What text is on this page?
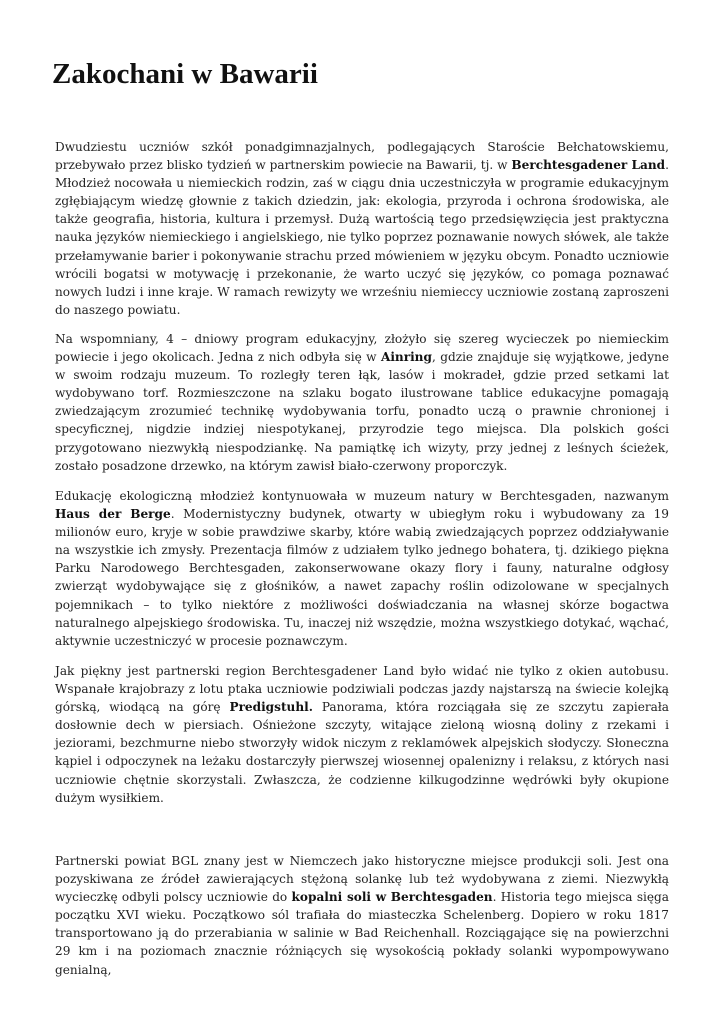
Zakochani w Bawarii

Dwudziestu uczniów szkół ponadgimnazjalnych, podlegających Staroście Bełchatowskiemu, przebywało przez blisko tydzień w partnerskim powiecie na Bawarii, tj. w Berchtesgadener Land. Młodzież nocowała u niemieckich rodzin, zaś w ciągu dnia uczestniczyła w programie edukacyjnym zgłębiającym wiedzę głownie z takich dziedzin, jak: ekologia, przyroda i ochrona środowiska, ale także geografia, historia, kultura i przemysł. Dużą wartością tego przedsięwzięcia jest praktyczna nauka języków niemieckiego i angielskiego, nie tylko poprzez poznawanie nowych słówek, ale także przełamywanie barier i pokonywanie strachu przed mówieniem w języku obcym. Ponadto uczniowie wrócili bogatsi w motywację i przekonanie, że warto uczyć się języków, co pomaga poznawać nowych ludzi i inne kraje. W ramach rewizyty we wrześniu niemieccy uczniowie zostaną zaproszeni do naszego powiatu.

Na wspomniany, 4 – dniowy program edukacyjny, złożyło się szereg wycieczek po niemieckim powiecie i jego okolicach. Jedna z nich odbyła się w Ainring, gdzie znajduje się wyjątkowe, jedyne w swoim rodzaju muzeum. To rozległy teren łąk, lasów i mokradeł, gdzie przed setkami lat wydobywano torf. Rozmieszczone na szlaku bogato ilustrowane tablice edukacyjne pomagają zwiedzającym zrozumieć technikę wydobywania torfu, ponadto uczą o prawnie chronionej i specyficznej, nigdzie indziej niespotykanej, przyrodzie tego miejsca. Dla polskich gości przygotowano niezwykłą niespodziankę. Na pamiątkę ich wizyty, przy jednej z leśnych ścieżek, zostało posadzone drzewko, na którym zawisł biało-czerwony proporczyk.

Edukację ekologiczną młodzież kontynuowała w muzeum natury w Berchtesgaden, nazwanym Haus der Berge. Modernistyczny budynek, otwarty w ubiegłym roku i wybudowany za 19 milionów euro, kryje w sobie prawdziwe skarby, które wabią zwiedzających poprzez oddziaływanie na wszystkie ich zmysły. Prezentacja filmów z udziałem tylko jednego bohatera, tj. dzikiego piękna Parku Narodowego Berchtesgaden, zakonserwowane okazy flory i fauny, naturalne odgłosy zwierząt wydobywające się z głośników, a nawet zapachy roślin odizolowane w specjalnych pojemnikach – to tylko niektóre z możliwości doświadczania na własnej skórze bogactwa naturalnego alpejskiego środowiska. Tu, inaczej niż wszędzie, można wszystkiego dotykać, wąchać, aktywnie uczestniczyć w procesie poznawczym.

Jak piękny jest partnerski region Berchtesgadener Land było widać nie tylko z okien autobusu. Wspanałe krajobrazy z lotu ptaka uczniowie podziwiali podczas jazdy najstarszą na świecie kolejką górską, wiodącą na górę Predigstuhl. Panorama, która rozciągała się ze szczytu zapierała dosłownie dech w piersiach. Ośnieżone szczyty, witające zieloną wiosną doliny z rzekami i jeziorami, bezchmurne niebo stworzyły widok niczym z reklamówek alpejskich słodyczy. Słoneczna kąpiel i odpoczynek na leżaku dostarczyły pierwszej wiosennej opalenizny i relaksu, z których nasi uczniowie chętnie skorzystali. Zwłaszcza, że codzienne kilkugodzinne wędrówki były okupione dużym wysiłkiem.

Partnerski powiat BGL znany jest w Niemczech jako historyczne miejsce produkcji soli. Jest ona pozyskiwana ze źródeł zawierających stężoną solankę lub też wydobywana z ziemi. Niezwykłą wycieczkę odbyli polscy uczniowie do kopalni soli w Berchtesgaden. Historia tego miejsca sięga początku XVI wieku. Początkowo sól trafiała do miasteczka Schelenberg. Dopiero w roku 1817 transportowano ją do przerabiania w salinie w Bad Reichenhall. Rozciągające się na powierzchni 29 km i na poziomach znacznie różniących się wysokością pokłady solanki wypompowywano genialną,
